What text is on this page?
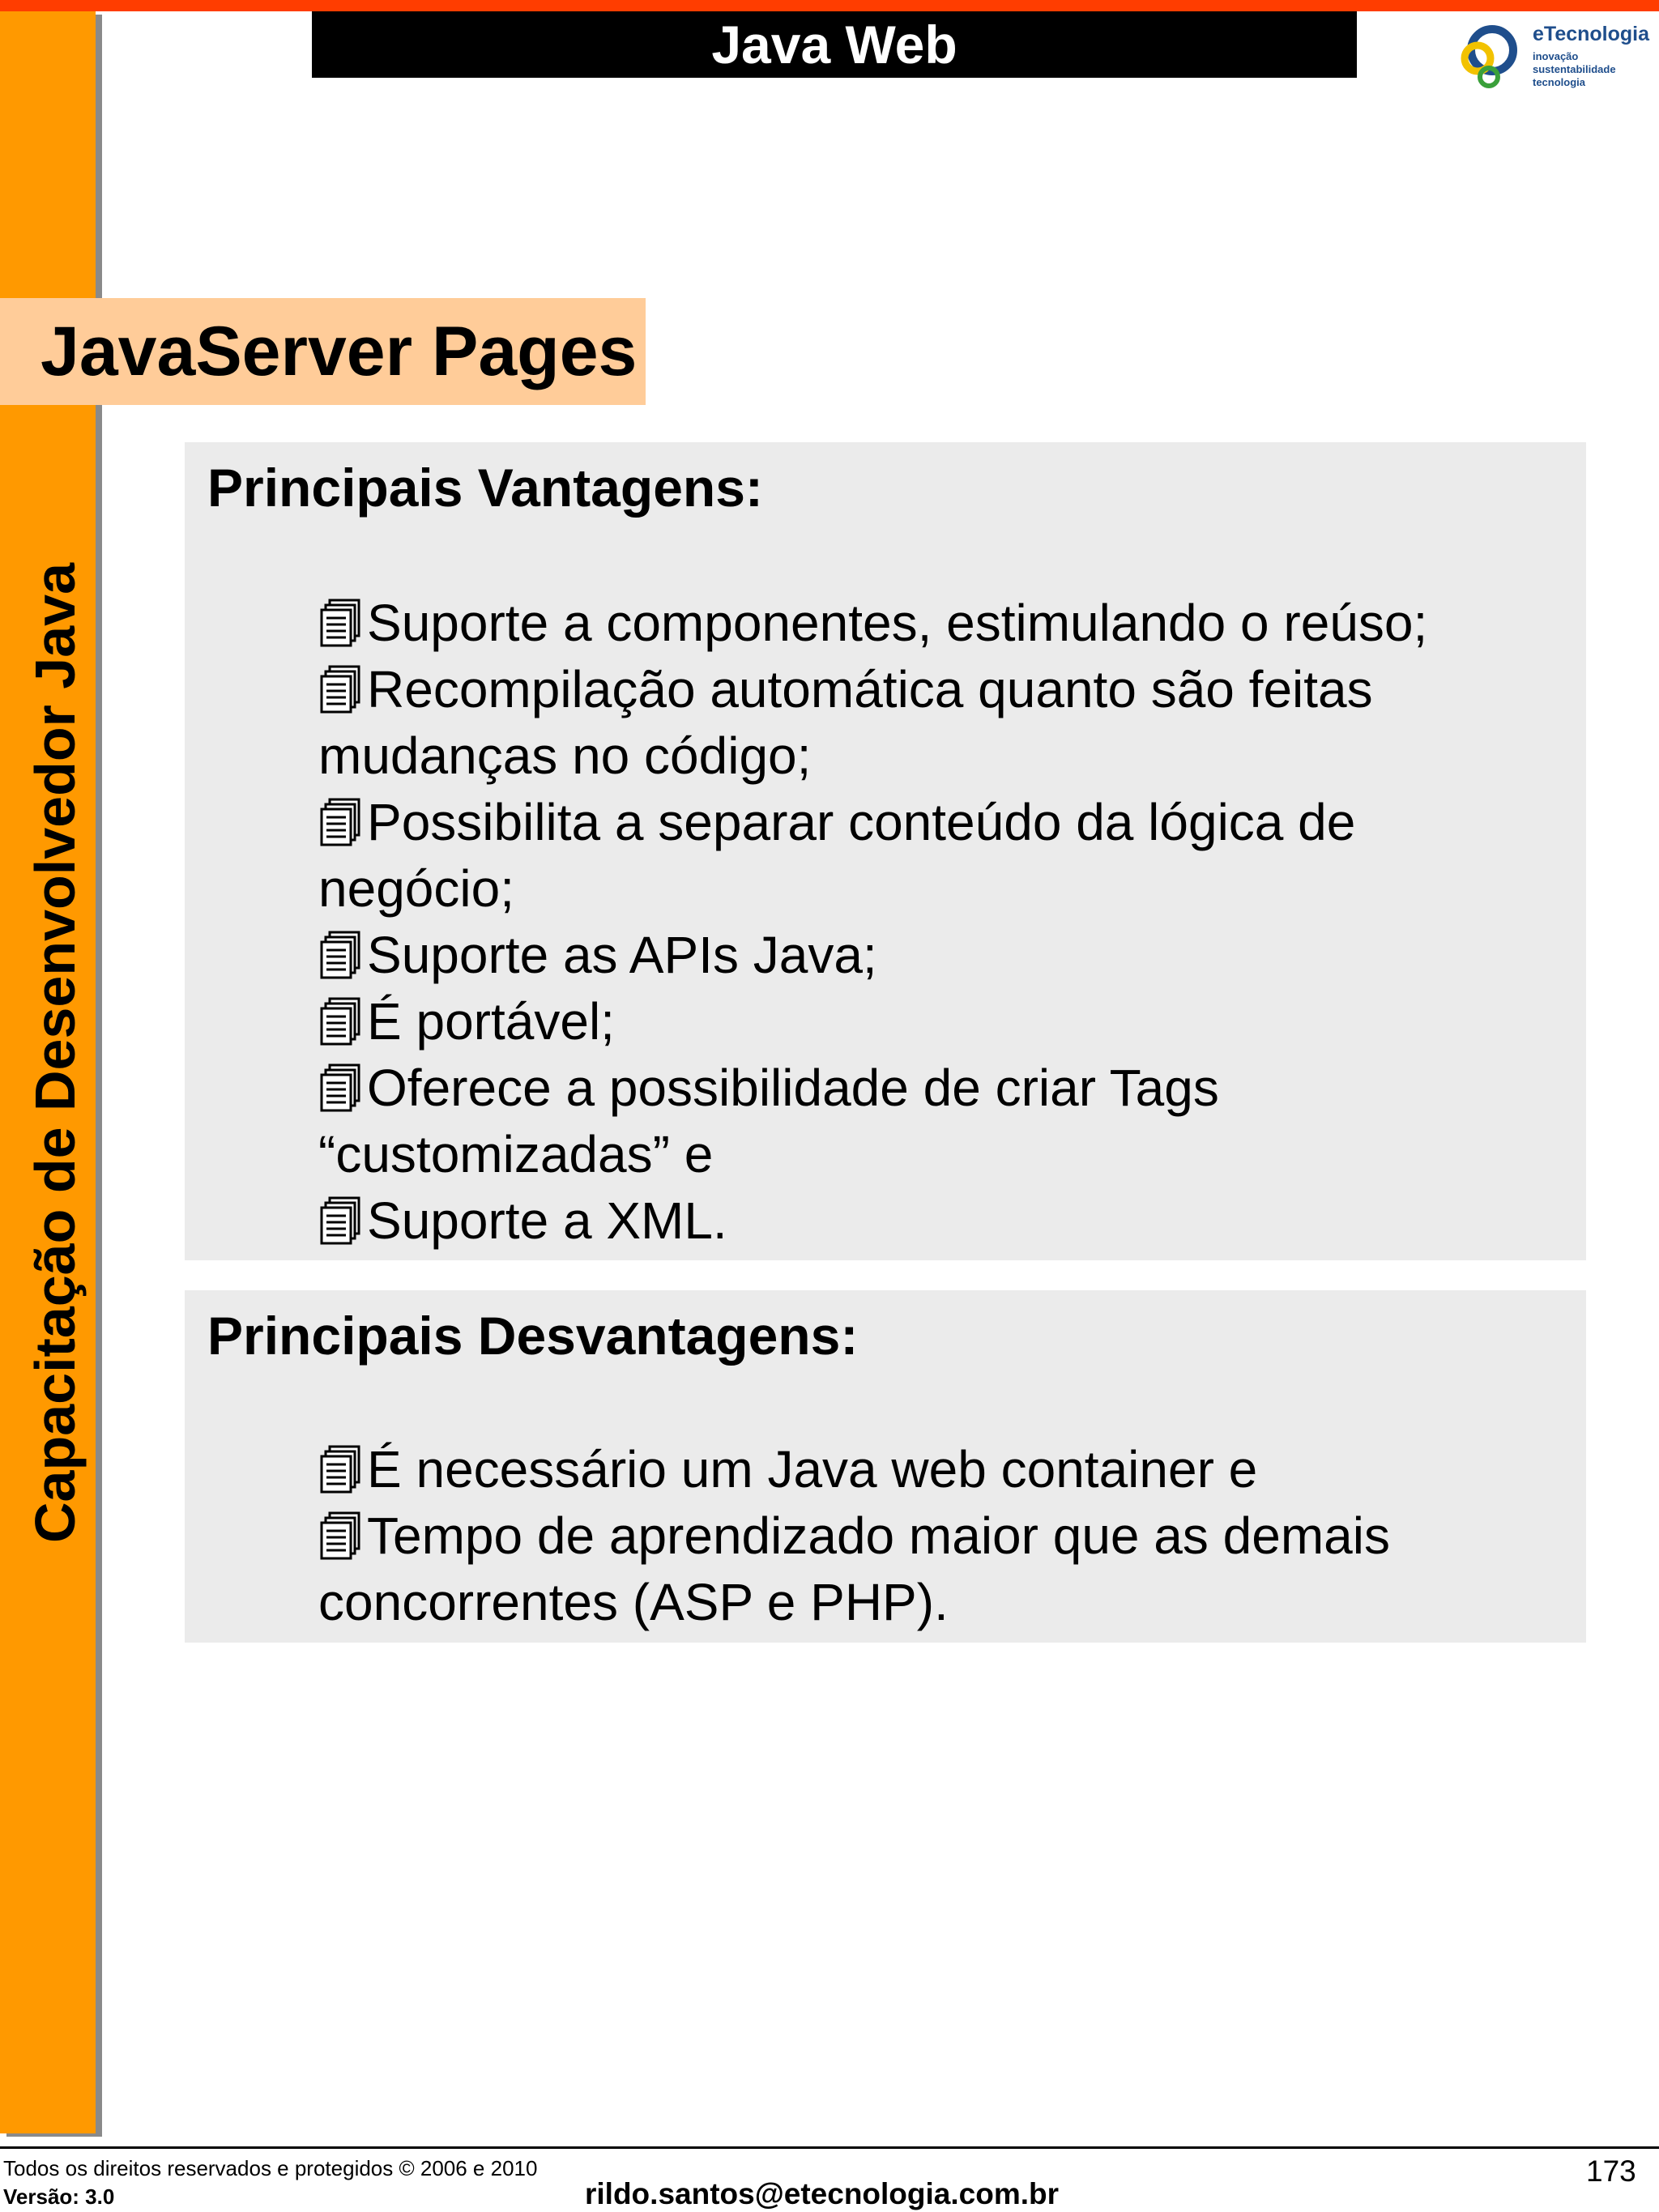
Capacitação de Desenvolvedor Java
Java Web	eTecnologia
inovação
sustentabilidade
tecnologia
JavaServer Pages
Principais Vantagens:

Suporte a componentes, estimulando o reúso;

Recompilação automática quanto são feitas mudanças no código;

Possibilita a separar conteúdo da lógica de negócio;

Suporte as APIs Java;

É portável;

Oferece a possibilidade de criar Tags “customizadas” e

Suporte a XML.

Principais Desvantagens:

É necessário um Java web container e

Tempo de aprendizado maior que as demais concorrentes (ASP e PHP).

Todos os direitos reservados e protegidos © 2006 e 2010
Versão: 3.0	rildo.santos@etecnologia.com.br
173
